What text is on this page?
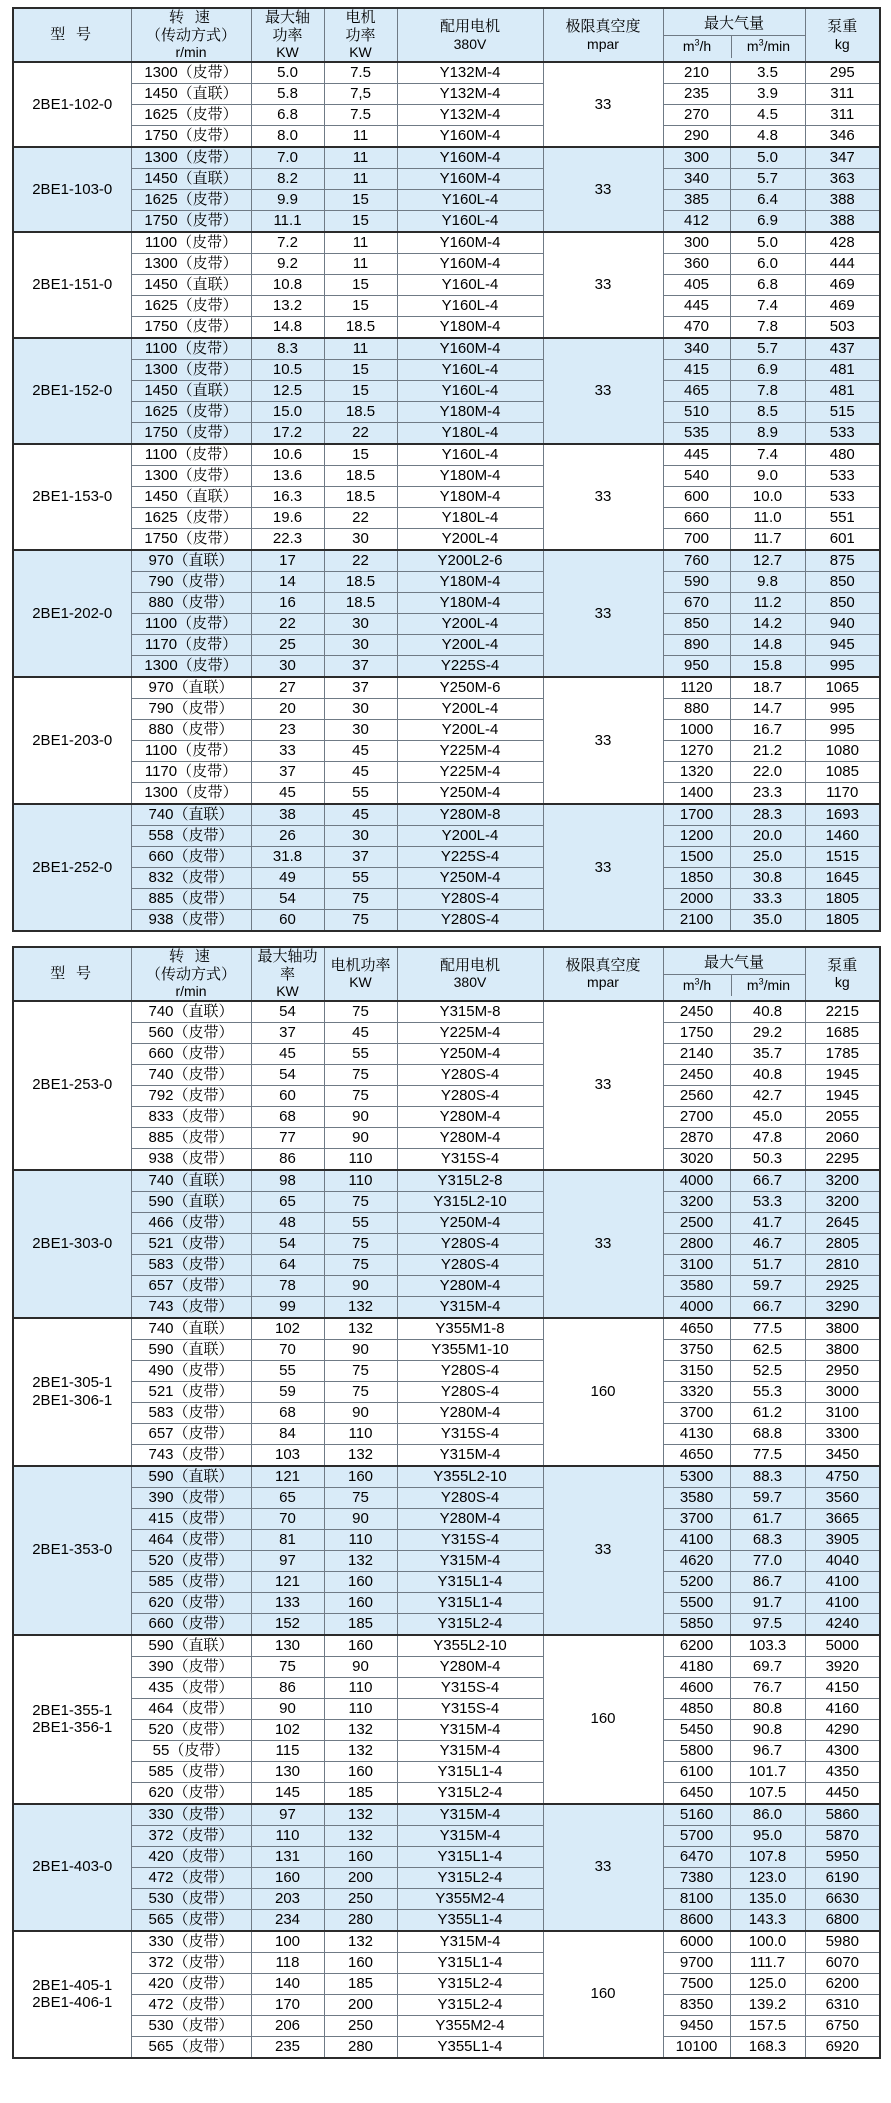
型 号	转 速
（传动方式）
r/min
	最大轴
功率
KW
	电机
功率
KW
	配用电机
380V
	极限真空度
mpar

最大气量
$m^3/h$	$m^3/\min$
	泵重
kg

2BE1-102-0	1300（皮带）	5.0	7.5	Y132M-4	33	210	3.5	295
	1450（直联）	5.8	7,5	Y132M-4		235	3.9	311
	1625（皮带）	6.8	7.5	Y132M-4		270	4.5	311
	1750（皮带）	8.0	11	Y160M-4		290	4.8	346

2BE1-103-0	1300（皮带）	7.0	11	Y160M-4	33	300	5.0	347
	1450（直联）	8.2	11	Y160M-4		340	5.7	363
	1625（皮带）	9.9	15	Y160L-4		385	6.4	388
	1750（皮带）	11.1	15	Y160L-4		412	6.9	388

2BE1-151-0	1100（皮带）	7.2	11	Y160M-4	33	300	5.0	428
	1300（皮带）	9.2	11	Y160M-4		360	6.0	444
	1450（直联）	10.8	15	Y160L-4		405	6.8	469
	1625（皮带）	13.2	15	Y160L-4		445	7.4	469
	1750（皮带）	14.8	18.5	Y180M-4		470	7.8	503

2BE1-152-0	1100（皮带）	8.3	11	Y160M-4	33	340	5.7	437
	1300（皮带）	10.5	15	Y160L-4		415	6.9	481
	1450（直联）	12.5	15	Y160L-4		465	7.8	481
	1625（皮带）	15.0	18.5	Y180M-4		510	8.5	515
	1750（皮带）	17.2	22	Y180L-4		535	8.9	533

2BE1-153-0	1100（皮带）	10.6	15	Y160L-4	33	445	7.4	480
	1300（皮带）	13.6	18.5	Y180M-4		540	9.0	533
	1450（直联）	16.3	18.5	Y180M-4		600	10.0	533
	1625（皮带）	19.6	22	Y180L-4		660	11.0	551
	1750（皮带）	22.3	30	Y200L-4		700	11.7	601

2BE1-202-0	970（直联）	17	22	Y200L2-6	33	760	12.7	875
	790（皮带）	14	18.5	Y180M-4		590	9.8	850
	880（皮带）	16	18.5	Y180M-4		670	11.2	850
	1100（皮带）	22	30	Y200L-4		850	14.2	940
	1170（皮带）	25	30	Y200L-4		890	14.8	945
	1300（皮带）	30	37	Y225S-4		950	15.8	995

2BE1-203-0	970（直联）	27	37	Y250M-6	33	1120	18.7	1065
	790（皮带）	20	30	Y200L-4		880	14.7	995
	880（皮带）	23	30	Y200L-4		1000	16.7	995
	1100（皮带）	33	45	Y225M-4		1270	21.2	1080
	1170（皮带）	37	45	Y225M-4		1320	22.0	1085
	1300（皮带）	45	55	Y250M-4		1400	23.3	1170

2BE1-252-0	740（直联）	38	45	Y280M-8	33	1700	28.3	1693
	558（皮带）	26	30	Y200L-4		1200	20.0	1460
	660（皮带）	31.8	37	Y225S-4		1500	25.0	1515
	832（皮带）	49	55	Y250M-4		1850	30.8	1645
	885（皮带）	54	75	Y280S-4		2000	33.3	1805
	938（皮带）	60	75	Y280S-4		2100	35.0	1805
型 号	转 速
（传动方式）
r/min
	最大轴功率
KW
	电机功率
KW
	配用电机
380V
	极限真空度
mpar

最大气量
$m^3/h$	$m^3/\min$
	泵重
kg

2BE1-253-0	740（直联）	54	75	Y315M-8	33	2450	40.8	2215
	560（皮带）	37	45	Y225M-4		1750	29.2	1685
	660（皮带）	45	55	Y250M-4		2140	35.7	1785
	740（皮带）	54	75	Y280S-4		2450	40.8	1945
	792（皮带）	60	75	Y280S-4		2560	42.7	1945
	833（皮带）	68	90	Y280M-4		2700	45.0	2055
	885（皮带）	77	90	Y280M-4		2870	47.8	2060
	938（皮带）	86	110	Y315S-4		3020	50.3	2295

2BE1-303-0	740（直联）	98	110	Y315L2-8	33	4000	66.7	3200
	590（直联）	65	75	Y315L2-10		3200	53.3	3200
	466（皮带）	48	55	Y250M-4		2500	41.7	2645
	521（皮带）	54	75	Y280S-4		2800	46.7	2805
	583（皮带）	64	75	Y280S-4		3100	51.7	2810
	657（皮带）	78	90	Y280M-4		3580	59.7	2925
	743（皮带）	99	132	Y315M-4		4000	66.7	3290

2BE1-305-1
2BE1-306-1	740（直联）	102	132	Y355M1-8	160	4650	77.5	3800
	590（直联）	70	90	Y355M1-10		3750	62.5	3800
	490（皮带）	55	75	Y280S-4		3150	52.5	2950
	521（皮带）	59	75	Y280S-4		3320	55.3	3000
	583（皮带）	68	90	Y280M-4		3700	61.2	3100
	657（皮带）	84	110	Y315S-4		4130	68.8	3300
	743（皮带）	103	132	Y315M-4		4650	77.5	3450

2BE1-353-0	590（直联）	121	160	Y355L2-10	33	5300	88.3	4750
	390（皮带）	65	75	Y280S-4		3580	59.7	3560
	415（皮带）	70	90	Y280M-4		3700	61.7	3665
	464（皮带）	81	110	Y315S-4		4100	68.3	3905
	520（皮带）	97	132	Y315M-4		4620	77.0	4040
	585（皮带）	121	160	Y315L1-4		5200	86.7	4100
	620（皮带）	133	160	Y315L1-4		5500	91.7	4100
	660（皮带）	152	185	Y315L2-4		5850	97.5	4240

2BE1-355-1
2BE1-356-1	590（直联）	130	160	Y355L2-10	160	6200	103.3	5000
	390（皮带）	75	90	Y280M-4		4180	69.7	3920
	435（皮带）	86	110	Y315S-4		4600	76.7	4150
	464（皮带）	90	110	Y315S-4		4850	80.8	4160
	520（皮带）	102	132	Y315M-4		5450	90.8	4290
	55（皮带）	115	132	Y315M-4		5800	96.7	4300
	585（皮带）	130	160	Y315L1-4		6100	101.7	4350
	620（皮带）	145	185	Y315L2-4		6450	107.5	4450

2BE1-403-0	330（皮带）	97	132	Y315M-4	33	5160	86.0	5860
	372（皮带）	110	132	Y315M-4		5700	95.0	5870
	420（皮带）	131	160	Y315L1-4		6470	107.8	5950
	472（皮带）	160	200	Y315L2-4		7380	123.0	6190
	530（皮带）	203	250	Y355M2-4		8100	135.0	6630
	565（皮带）	234	280	Y355L1-4		8600	143.3	6800

2BE1-405-1
2BE1-406-1	330（皮带）	100	132	Y315M-4	160	6000	100.0	5980
	372（皮带）	118	160	Y315L1-4		9700	111.7	6070
	420（皮带）	140	185	Y315L2-4		7500	125.0	6200
	472（皮带）	170	200	Y315L2-4		8350	139.2	6310
	530（皮带）	206	250	Y355M2-4		9450	157.5	6750
	565（皮带）	235	280	Y355L1-4		10100	168.3	6920
